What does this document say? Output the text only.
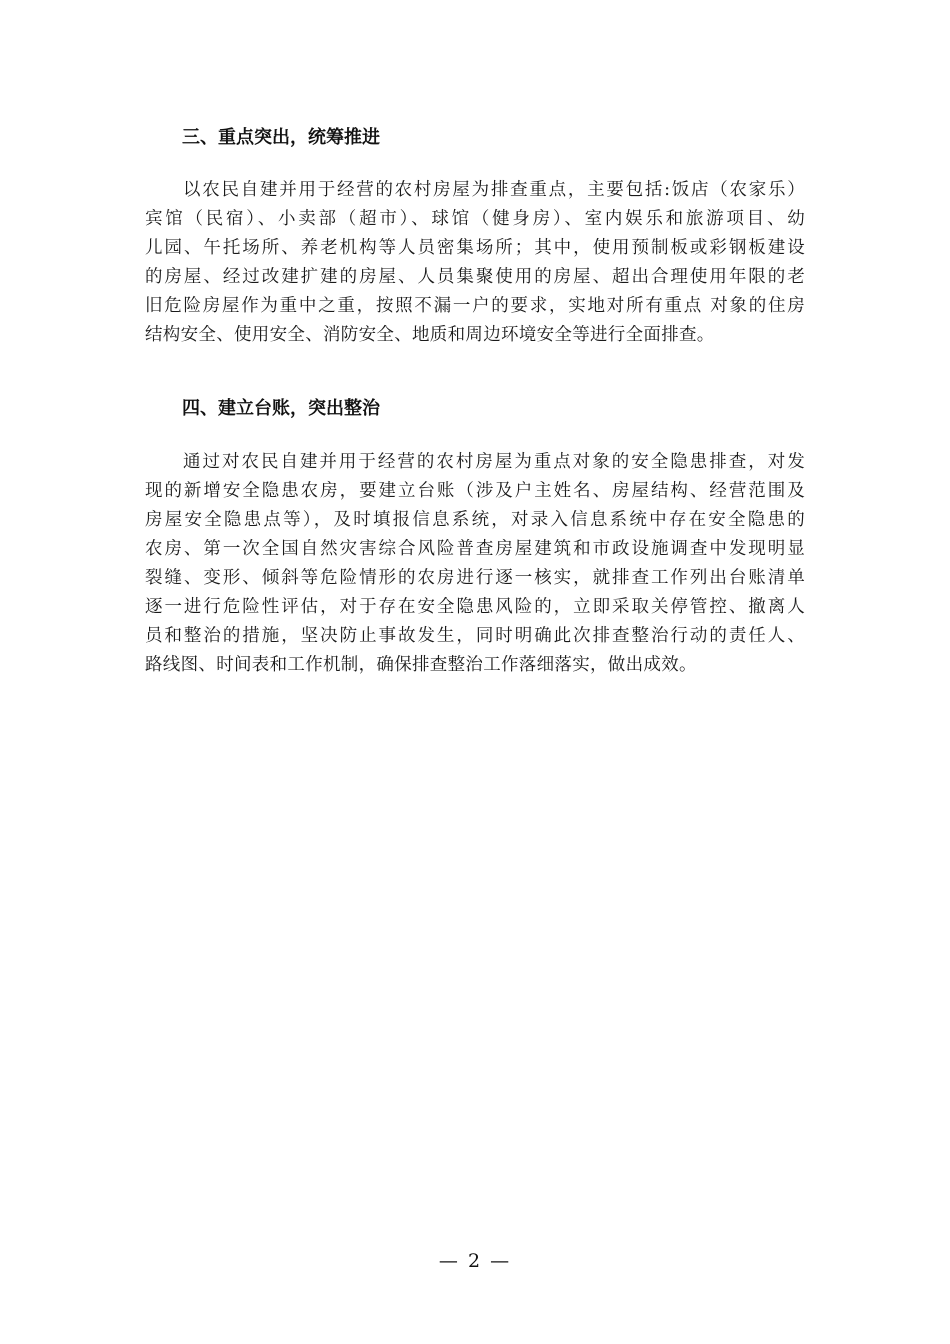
三、重点突出，统筹推进
以农民自建并用于经营的农村房屋为排查重点，主要包括:饭店（农家乐）
宾馆（民宿）、小卖部（超市）、球馆（健身房）、室内娱乐和旅游项目、幼
儿园、午托场所、养老机构等人员密集场所；其中，使用预制板或彩钢板建设
的房屋、经过改建扩建的房屋、人员集聚使用的房屋、超出合理使用年限的老
旧危险房屋作为重中之重，按照不漏一户的要求，实地对所有重点 对象的住房
结构安全、使用安全、消防安全、地质和周边环境安全等进行全面排查。
四、建立台账，突出整治
通过对农民自建并用于经营的农村房屋为重点对象的安全隐患排查，对发
现的新增安全隐患农房，要建立台账（涉及户主姓名、房屋结构、经营范围及
房屋安全隐患点等），及时填报信息系统，对录入信息系统中存在安全隐患的
农房、第一次全国自然灾害综合风险普查房屋建筑和市政设施调查中发现明显
裂缝、变形、倾斜等危险情形的农房进行逐一核实，就排查工作列出台账清单
逐一进行危险性评估，对于存在安全隐患风险的，立即采取关停管控、撤离人
员和整治的措施，坚决防止事故发生，同时明确此次排查整治行动的责任人、
路线图、时间表和工作机制，确保排查整治工作落细落实，做出成效。
— 2 —
